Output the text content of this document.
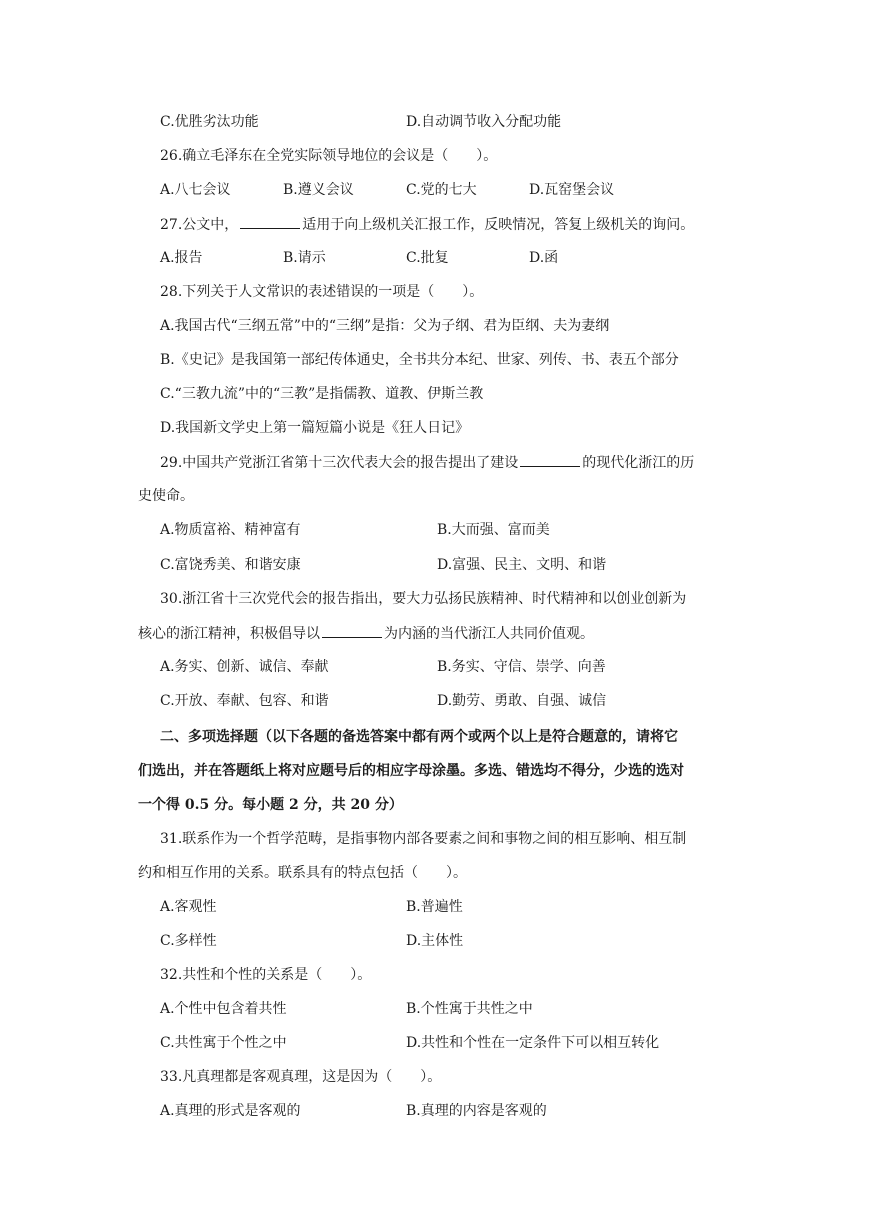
C.优胜劣汰功能	D.自动调节收入分配功能
26.确立毛泽东在全党实际领导地位的会议是（　　）。
A.八七会议	B.遵义会议	C.党的七大	D.瓦窑堡会议
27.公文中，	适用于向上级机关汇报工作，反映情况，答复上级机关的询问。
A.报告	B.请示	C.批复	D.函
28.下列关于人文常识的表述错误的一项是（　　）。
A.我国古代“三纲五常”中的“三纲”是指：父为子纲、君为臣纲、夫为妻纲
B.《史记》是我国第一部纪传体通史，全书共分本纪、世家、列传、书、表五个部分
C.“三教九流”中的“三教”是指儒教、道教、伊斯兰教
D.我国新文学史上第一篇短篇小说是《狂人日记》
29.中国共产党浙江省第十三次代表大会的报告提出了建设	的现代化浙江的历
史使命。
A.物质富裕、精神富有	B.大而强、富而美
C.富饶秀美、和谐安康	D.富强、民主、文明、和谐
30.浙江省十三次党代会的报告指出，要大力弘扬民族精神、时代精神和以创业创新为
核心的浙江精神，积极倡导以	为内涵的当代浙江人共同价值观。
A.务实、创新、诚信、奉献	B.务实、守信、崇学、向善
C.开放、奉献、包容、和谐	D.勤劳、勇敢、自强、诚信
二、多项选择题（以下各题的备选答案中都有两个或两个以上是符合题意的，请将它
们选出，并在答题纸上将对应题号后的相应字母涂墨。多选、错选均不得分，少选的选对
一个得 0.5 分。每小题 2 分，共 20 分）
31.联系作为一个哲学范畴，是指事物内部各要素之间和事物之间的相互影响、相互制
约和相互作用的关系。联系具有的特点包括（　　）。
A.客观性	B.普遍性
C.多样性	D.主体性
32.共性和个性的关系是（　　）。
A.个性中包含着共性	B.个性寓于共性之中
C.共性寓于个性之中	D.共性和个性在一定条件下可以相互转化
33.凡真理都是客观真理，这是因为（　　）。
A.真理的形式是客观的	B.真理的内容是客观的
